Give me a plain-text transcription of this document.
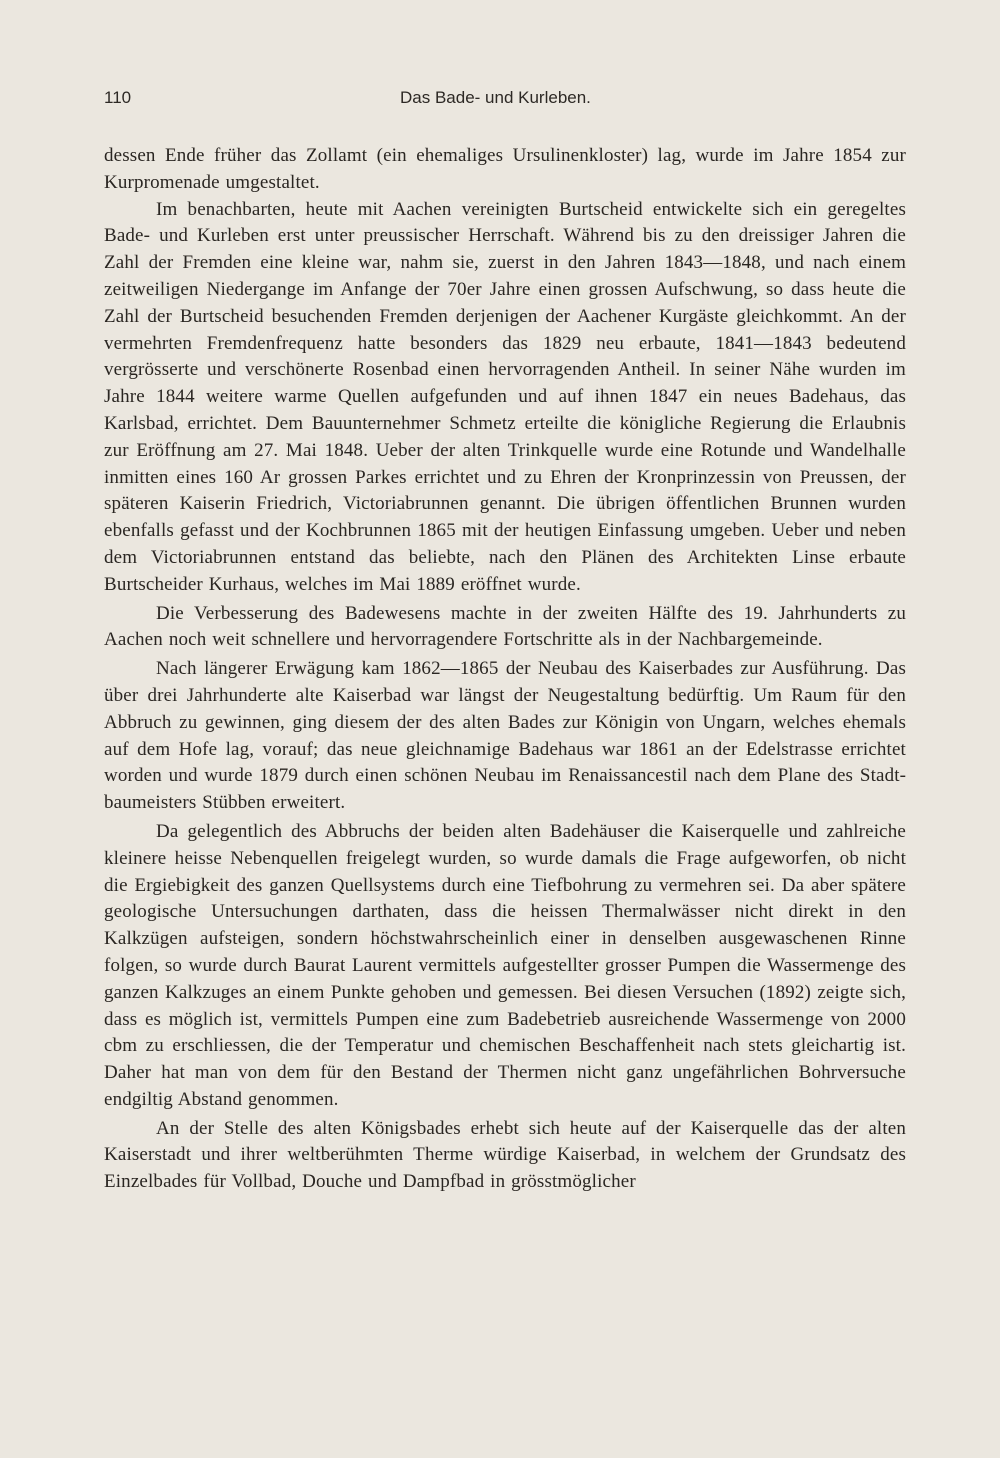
110	Das Bade- und Kurleben.

dessen Ende früher das Zollamt (ein ehemaliges Ursulinenkloster) lag, wurde im Jahre 1854 zur Kurpromenade umgestaltet.

Im benachbarten, heute mit Aachen vereinigten Burtscheid entwickelte sich ein geregeltes Bade- und Kurleben erst unter preussischer Herrschaft. Während bis zu den dreissiger Jahren die Zahl der Fremden eine kleine war, nahm sie, zuerst in den Jahren 1843—1848, und nach einem zeitweiligen Niedergange im Anfange der 70er Jahre einen grossen Aufschwung, so dass heute die Zahl der Burtscheid besuchenden Fremden derjenigen der Aachener Kurgäste gleichkommt. An der vermehrten Fremdenfrequenz hatte besonders das 1829 neu erbaute, 1841—1843 bedeutend vergrösserte und verschönerte Rosenbad einen hervorragenden Antheil. In seiner Nähe wurden im Jahre 1844 weitere warme Quellen aufgefunden und auf ihnen 1847 ein neues Badehaus, das Karlsbad, errichtet. Dem Bauunternehmer Schmetz erteilte die königliche Regierung die Erlaubnis zur Eröffnung am 27. Mai 1848. Ueber der alten Trinkquelle wurde eine Rotunde und Wandelhalle inmitten eines 160 Ar grossen Parkes errichtet und zu Ehren der Kronprinzessin von Preussen, der späteren Kaiserin Friedrich, Victoriabrunnen genannt. Die übrigen öffentlichen Brunnen wurden ebenfalls gefasst und der Kochbrunnen 1865 mit der heutigen Einfassung umgeben. Ueber und neben dem Victoriabrunnen entstand das beliebte, nach den Plänen des Architekten Linse erbaute Burtscheider Kurhaus, welches im Mai 1889 eröffnet wurde.

Die Verbesserung des Badewesens machte in der zweiten Hälfte des 19. Jahrhunderts zu Aachen noch weit schnellere und hervorragendere Fortschritte als in der Nachbargemeinde.

Nach längerer Erwägung kam 1862—1865 der Neubau des Kaiserbades zur Ausführung. Das über drei Jahrhunderte alte Kaiserbad war längst der Neugestaltung bedürftig. Um Raum für den Abbruch zu gewinnen, ging diesem der des alten Bades zur Königin von Ungarn, welches ehemals auf dem Hofe lag, vorauf; das neue gleichnamige Badehaus war 1861 an der Edelstrasse errichtet worden und wurde 1879 durch einen schönen Neubau im Renaissancestil nach dem Plane des Stadtbaumeisters Stübben erweitert.

Da gelegentlich des Abbruchs der beiden alten Badehäuser die Kaiserquelle und zahlreiche kleinere heisse Nebenquellen freigelegt wurden, so wurde damals die Frage aufgeworfen, ob nicht die Ergiebigkeit des ganzen Quellsystems durch eine Tiefbohrung zu vermehren sei. Da aber spätere geologische Untersuchungen darthaten, dass die heissen Thermalwässer nicht direkt in den Kalkzügen aufsteigen, sondern höchstwahrscheinlich einer in denselben ausgewaschenen Rinne folgen, so wurde durch Baurat Laurent vermittels aufgestellter grosser Pumpen die Wassermenge des ganzen Kalkzuges an einem Punkte gehoben und gemessen. Bei diesen Versuchen (1892) zeigte sich, dass es möglich ist, vermittels Pumpen eine zum Badebetrieb ausreichende Wassermenge von 2000 cbm zu erschliessen, die der Temperatur und chemischen Beschaffenheit nach stets gleichartig ist. Daher hat man von dem für den Bestand der Thermen nicht ganz ungefährlichen Bohrversuche endgiltig Abstand genommen.

An der Stelle des alten Königsbades erhebt sich heute auf der Kaiserquelle das der alten Kaiserstadt und ihrer weltberühmten Therme würdige Kaiserbad, in welchem der Grundsatz des Einzelbades für Vollbad, Douche und Dampfbad in grösstmöglicher
